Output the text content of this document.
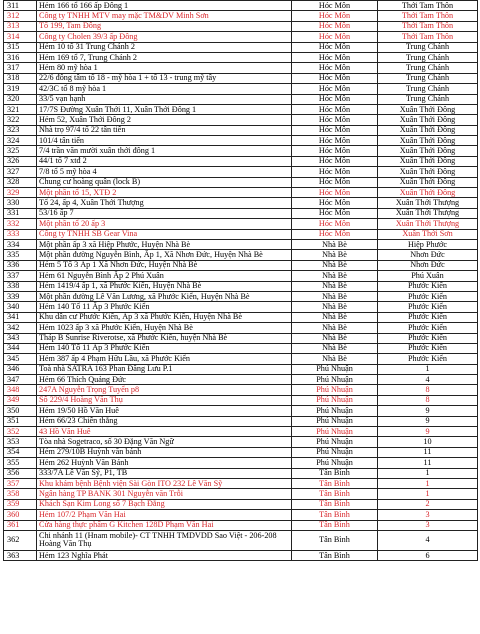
311	Hẻm 166 tổ 166 ấp Đông 1	Hóc Môn	Thới Tam Thôn
312	Công ty TNHH MTV may mặc TM&DV Minh Sơn	Hóc Môn	Thới Tam Thôn
313	Tổ 199, Tam Đông	Hóc Môn	Thới Tam Thôn
314	Công ty Cholen 39/3 ấp Đông	Hóc Môn	Thới Tam Thôn
315	Hẻm 10 tổ 31 Trung Chánh 2	Hóc Môn	Trung Chánh
316	Hẻm 169 tổ 7, Trung Chánh 2	Hóc Môn	Trung Chánh
317	Hẻm 80 mỹ hòa 1	Hóc Môn	Trung Chánh
318	22/6 đông tâm tổ 18 - mỹ hòa 1 + tổ 13 - trung mỹ tây	Hóc Môn	Trung Chánh
319	42/3C tổ 8 mỹ hòa 1	Hóc Môn	Trung Chánh
320	33/5 vạn hạnh	Hóc Môn	Trung Chánh
321	17/7S Đường Xuân Thới 11, Xuân Thới Đông 1	Hóc Môn	Xuân Thới Đông
322	Hẻm 52, Xuân Thới Đông 2	Hóc Môn	Xuân Thới Đông
323	Nhà trọ 97/4 tổ 22 tân tiến	Hóc Môn	Xuân Thới Đông
324	101/4 tân tiến	Hóc Môn	Xuân Thới Đông
325	7/4 trần văn mười xuân thới đông 1	Hóc Môn	Xuân Thới Đông
326	44/1 tổ 7 xtđ 2	Hóc Môn	Xuân Thới Đông
327	7/8 tổ 5 mỹ hòa 4	Hóc Môn	Xuân Thới Đông
328	Chung cư hoàng quân (lock B)	Hóc Môn	Xuân Thới Đông
329	Một phần tổ 15, XTĐ 2	Hóc Môn	Xuân Thới Đông
330	Tổ 24, ấp 4, Xuân Thới Thượng	Hóc Môn	Xuân Thới Thượng
331	53/16 ấp 7	Hóc Môn	Xuân Thới Thượng
332	Một phần tổ 20 ấp 3	Hóc Môn	Xuân Thới Thượng
333	Công ty TNHH SB Gear Vina	Hóc Môn	Xuân Thới Sơn
334	Một phần ấp 3 xã Hiệp Phước, Huyện Nhà Bè	Nhà Bè	Hiệp Phước
335	Một phần đường Nguyễn Bình, Ấp 1, Xã Nhơn Đức, Huyện Nhà Bè	Nhà Bè	Nhơn Đức
336	Hẻm 5 Tổ 3 Ấp 1 Xã Nhơn Đức, Huyện Nhà Bè	Nhà Bè	Nhơn Đức
337	Hẻm 61 Nguyễn Bình Ấp 2 Phú Xuân	Nhà Bè	Phú Xuân
338	Hẻm 1419/4 ấp 1, xã Phước Kiển, Huyện Nhà Bè	Nhà Bè	Phước Kiển
339	Một phần đường Lê Văn Lương, xã Phước Kiển, Huyện Nhà Bè	Nhà Bè	Phước Kiển
340	Hẻm 140 Tổ 11 Ấp 3 Phước Kiển	Nhà Bè	Phước Kiển
341	Khu dân cư Phước Kiển, Ấp 3 xã Phước Kiển, Huyện Nhà Bè	Nhà Bè	Phước Kiển
342	Hẻm 1023 ấp 3 xã Phước Kiển, Huyện Nhà Bè	Nhà Bè	Phước Kiển
343	Tháp B Sunrise Riverotse, xã Phước Kiển, huyện Nhà Bè	Nhà Bè	Phước Kiển
344	Hẻm 140 Tổ 11 Ấp 3 Phước Kiển	Nhà Bè	Phước Kiển
345	Hẻm 387 ấp 4 Phạm Hữu Lầu, xã Phước Kiển	Nhà Bè	Phước Kiển
346	Toà nhà SATRA 163 Phan Đăng Lưu P.1	Phú Nhuận	1
347	Hẻm 66 Thích Quảng Đức	Phú Nhuận	4
348	247A Nguyễn Trọng Tuyển p8	Phú Nhuận	8
349	Số 229/4 Hoàng Văn Thụ	Phú Nhuận	8
350	Hẻm 19/50 Hồ Văn Huê	Phú Nhuận	9
351	Hẻm 66/23 Chiến thắng	Phú Nhuận	9
352	43 Hồ Văn Huê	Phú Nhuận	9
353	Tòa nhà Sogetraco, số 30 Đặng Văn Ngữ	Phú Nhuận	10
354	Hẻm 279/10B Huỳnh văn bánh	Phú Nhuận	11
355	Hẻm 262 Huỳnh Văn Bánh	Phú Nhuận	11
356	333/7A Lê Văn Sỹ, P1, TB	Tân Bình	1
357	Khu khám bệnh Bệnh viện Sài Gòn ITO 232 Lê Văn Sỹ	Tân Bình	1
358	Ngân hàng TP BANK 301 Nguyễn văn Trỗi	Tân Bình	1
359	Khách Sạn Kim Long số 7 Bạch Đằng	Tân Bình	2
360	Hẻm 107/2 Phạm Văn Hai	Tân Bình	3
361	Cửa hàng thực phẩm G Kitchen 128D Phạm Văn Hai	Tân Bình	3
362	Chi nhánh 11 (Hnam mobile)- CT TNHH TMDVDD Sao Việt - 206-208 Hoàng Văn Thụ	Tân Bình	4
363	Hẻm 123 Nghĩa Phát	Tân Bình	6
